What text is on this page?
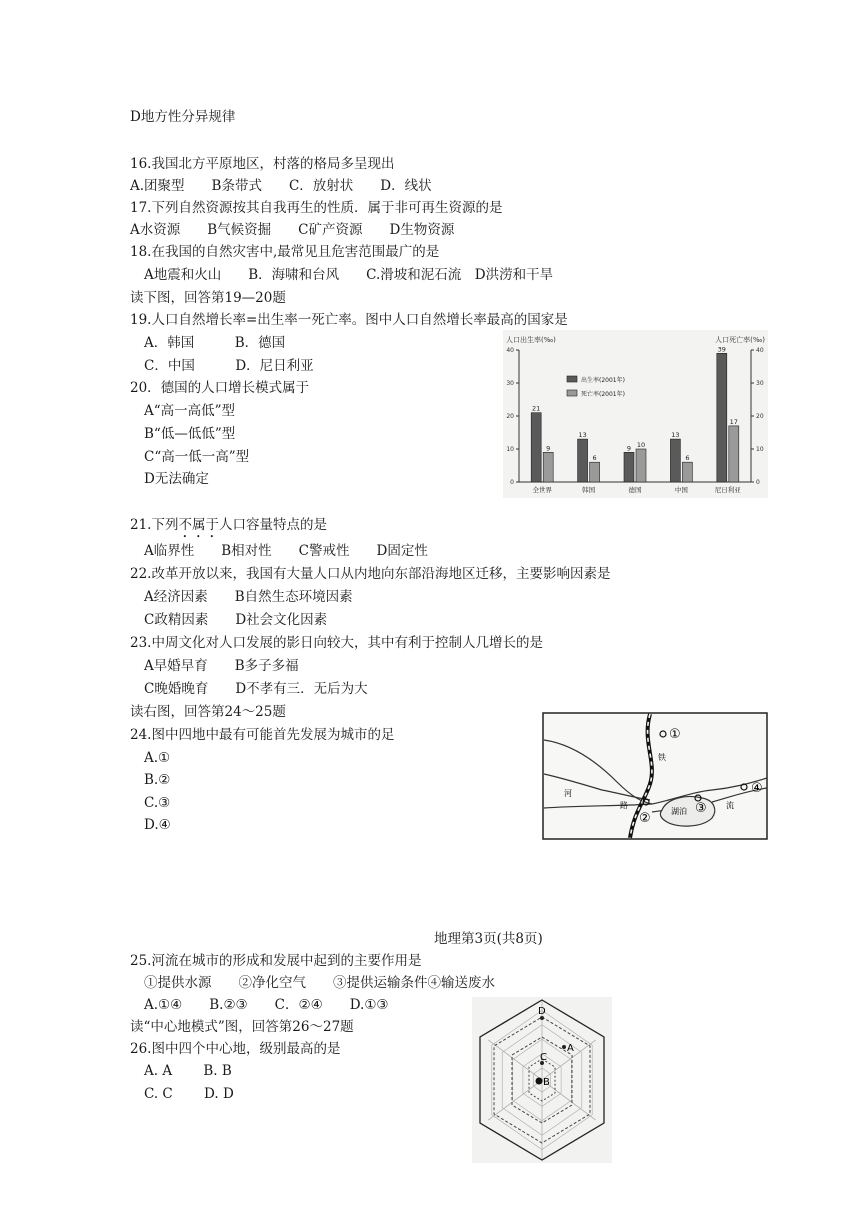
D地方性分异规律
16.我国北方平原地区，村落的格局多呈现出
A.团聚型　　B条带式　　C．放射状　　D．线状
17.下列自然资源按其自我再生的性质．属于非可再生资源的是
A水资源　　B气候资掘　　C矿产资源　　D生物资源
18.在我国的自然灾害中,最常见且危害范围最广的是
A地震和火山　　B．海啸和台风　　C.滑坡和泥石流　D洪涝和干旱
读下图，回答第19—20题
19.人口自然增长率=出生率一死亡率。图中人口自然增长率最高的国家是
A．韩国　　　B．德国
C．中国　　　D．尼日利亚
20．德国的人口增长模式属于
A“高一高低”型
B“低—低低”型
C“高一低一高”型
D无法确定
21.下列不属于人口容量特点的是
A临界性　　B相对性　　C警戒性　　D固定性
22.改革开放以来，我国有大量人口从内地向东部沿海地区迁移，主要影响因素是
A经济因素　　B自然生态环境因素
C政精因素　　D社会文化因素
23.中周文化对人口发展的影日向较大，其中有利于控制人几增长的是
A早婚早育　　B多子多福
C晚婚晚育　　D不孝有三．无后为大
读右图，回答第24～25题
24.图中四地中最有可能首先发展为城市的足
A.①
B.②
C.③
D.④
地理第3页(共8页)
25.河流在城市的形成和发展中起到的主要作用是
①提供水源　　②净化空气　　③提供运输条件④输送废水
A.①④　　B.②③　　C．②④　　D.①③
读“中心地模式”图，回答第26～27题
26.图中四个中心地，级别最高的是
A. A　　 B. B
C. C　　 D. D
人口出生率(‰)	人口死亡率(‰)
0	0
10	10
20	20
30	30
40	40
21
9
全世界
13
6
韩国
9 10
德国
13
6
中国
39
17
尼日利亚
出生率(2001年)
死亡率(2001年)
①
②
③
④
铁
路
河
湖泊
流
D
A
C
B
